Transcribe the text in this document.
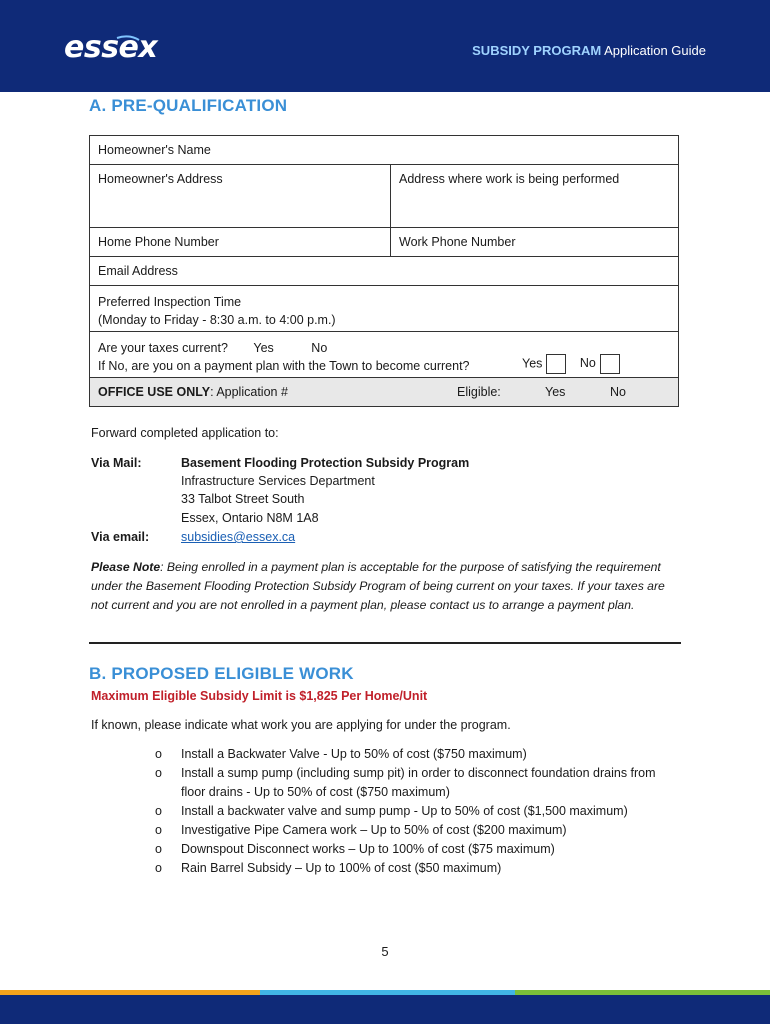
essex	SUBSIDY PROGRAM Application Guide
A. PRE-QUALIFICATION
Homeowner's Name
Homeowner's Address	Address where work is being performed
Home Phone Number	Work Phone Number
Email Address
Preferred Inspection Time
(Monday to Friday - 8:30 a.m. to 4:00 p.m.)
Are your taxes current? Yes	No
If No, are you on a payment plan with the Town to become current?	Yes	No
OFFICE USE ONLY: Application #	Eligible:	Yes	No
Forward completed application to:
Via Mail:	Basement Flooding Protection Subsidy Program
Infrastructure Services Department
33 Talbot Street South
Essex, Ontario N8M 1A8
Via email:	subsidies@essex.ca
Please Note: Being enrolled in a payment plan is acceptable for the purpose of satisfying the requirement under the Basement Flooding Protection Subsidy Program of being current on your taxes. If your taxes are not current and you are not enrolled in a payment plan, please contact us to arrange a payment plan.
B. PROPOSED ELIGIBLE WORK
Maximum Eligible Subsidy Limit is $1,825 Per Home/Unit
If known, please indicate what work you are applying for under the program.
o Install a Backwater Valve - Up to 50% of cost ($750 maximum)
o Install a sump pump (including sump pit) in order to disconnect foundation drains from floor drains - Up to 50% of cost ($750 maximum)
o Install a backwater valve and sump pump - Up to 50% of cost ($1,500 maximum)
o Investigative Pipe Camera work – Up to 50% of cost ($200 maximum)
o Downspout Disconnect works – Up to 100% of cost ($75 maximum)
o Rain Barrel Subsidy – Up to 100% of cost ($50 maximum)
5
